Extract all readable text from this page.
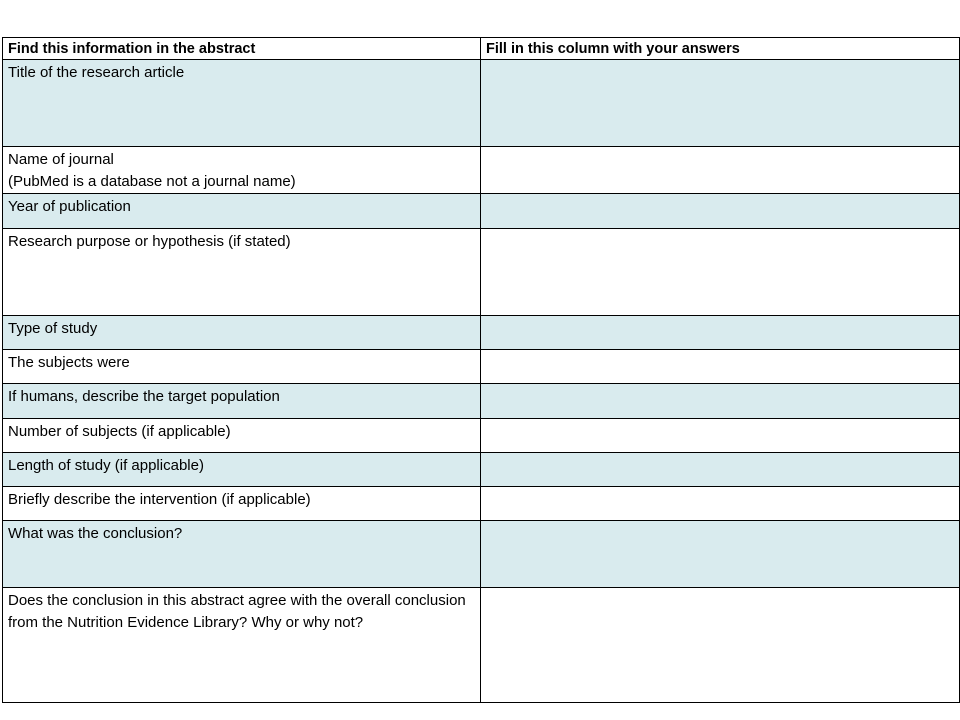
Find this information in the abstract	Fill in this column with your answers
Title of the research article	
Name of journal
(PubMed is a database not a journal name)	
Year of publication	
Research purpose or hypothesis (if stated)	
Type of study	
The subjects were	
If humans, describe the target population	
Number of subjects (if applicable)	
Length of study (if applicable)	
Briefly describe the intervention (if applicable)	
What was the conclusion?	
Does the conclusion in this abstract agree with the overall conclusion from the Nutrition Evidence Library? Why or why not?	
